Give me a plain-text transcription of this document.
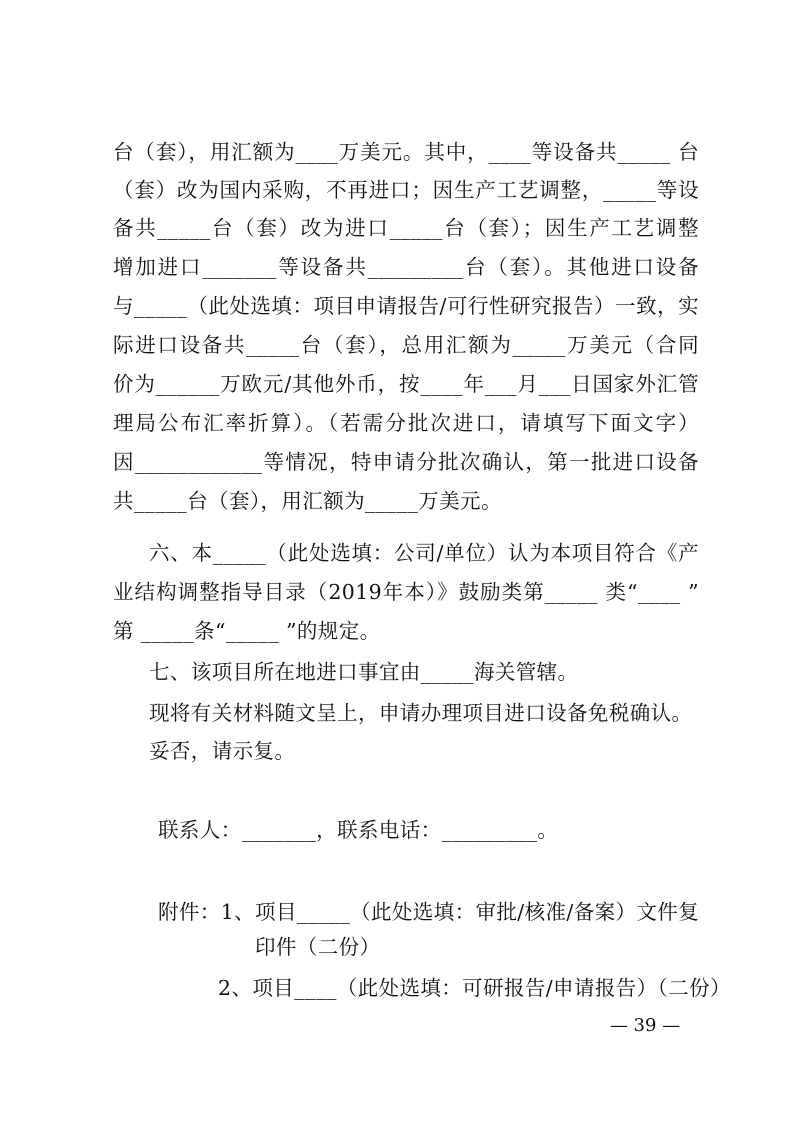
台（套），用汇额为____万美元。其中，____等设备共_____ 台
（套）改为国内采购，不再进口；因生产工艺调整，_____等设
备共_____台（套）改为进口_____台（套）；因生产工艺调整
增加进口_______等设备共_________台（套）。其他进口设备
与_____（此处选填：项目申请报告/可行性研究报告）一致，实
际进口设备共_____台（套），总用汇额为_____万美元（合同
价为______万欧元/其他外币，按____年___月___日国家外汇管
理局公布汇率折算）。（若需分批次进口，请填写下面文字）
因____________等情况，特申请分批次确认，第一批进口设备
共_____台（套），用汇额为_____万美元。
六、本_____（此处选填：公司/单位）认为本项目符合《产
业结构调整指导目录（2019年本）》鼓励类第_____ 类“____ ”
第 _____条“_____ ”的规定。
七、该项目所在地进口事宜由_____海关管辖。
现将有关材料随文呈上，申请办理项目进口设备免税确认。
妥否，请示复。
联系人：_______，联系电话：_________。
附件：1、项目_____（此处选填：审批/核准/备案）文件复
印件（二份）
2、项目____（此处选填：可研报告/申请报告）（二份）
— 39 —
